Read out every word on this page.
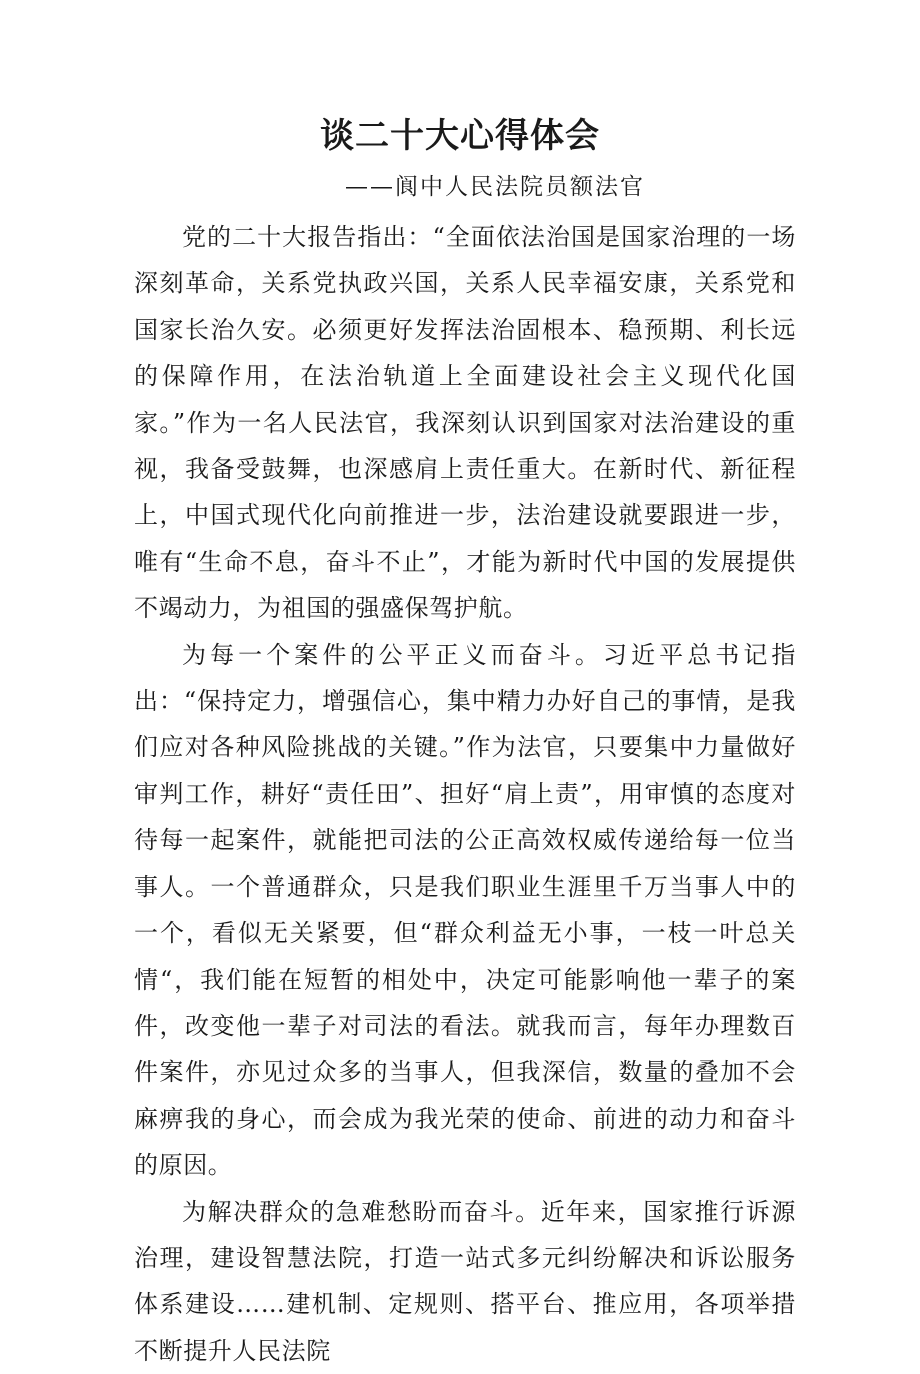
谈二十大心得体会

——阆中人民法院员额法官

党的二十大报告指出：“全面依法治国是国家治理的一场深刻革命，关系党执政兴国，关系人民幸福安康，关系党和国家长治久安。必须更好发挥法治固根本、稳预期、利长远的保障作用，在法治轨道上全面建设社会主义现代化国家。”作为一名人民法官，我深刻认识到国家对法治建设的重视，我备受鼓舞，也深感肩上责任重大。在新时代、新征程上，中国式现代化向前推进一步，法治建设就要跟进一步，唯有“生命不息，奋斗不止”，才能为新时代中国的发展提供不竭动力，为祖国的强盛保驾护航。

为每一个案件的公平正义而奋斗。习近平总书记指出：“保持定力，增强信心，集中精力办好自己的事情，是我们应对各种风险挑战的关键。”作为法官，只要集中力量做好审判工作，耕好“责任田”、担好“肩上责”，用审慎的态度对待每一起案件，就能把司法的公正高效权威传递给每一位当事人。一个普通群众，只是我们职业生涯里千万当事人中的一个，看似无关紧要，但“群众利益无小事，一枝一叶总关情“，我们能在短暂的相处中，决定可能影响他一辈子的案件，改变他一辈子对司法的看法。就我而言，每年办理数百件案件，亦见过众多的当事人，但我深信，数量的叠加不会麻痹我的身心，而会成为我光荣的使命、前进的动力和奋斗的原因。

为解决群众的急难愁盼而奋斗。近年来，国家推行诉源治理，建设智慧法院，打造一站式多元纠纷解决和诉讼服务体系建设……建机制、定规则、搭平台、推应用，各项举措不断提升人民法院
